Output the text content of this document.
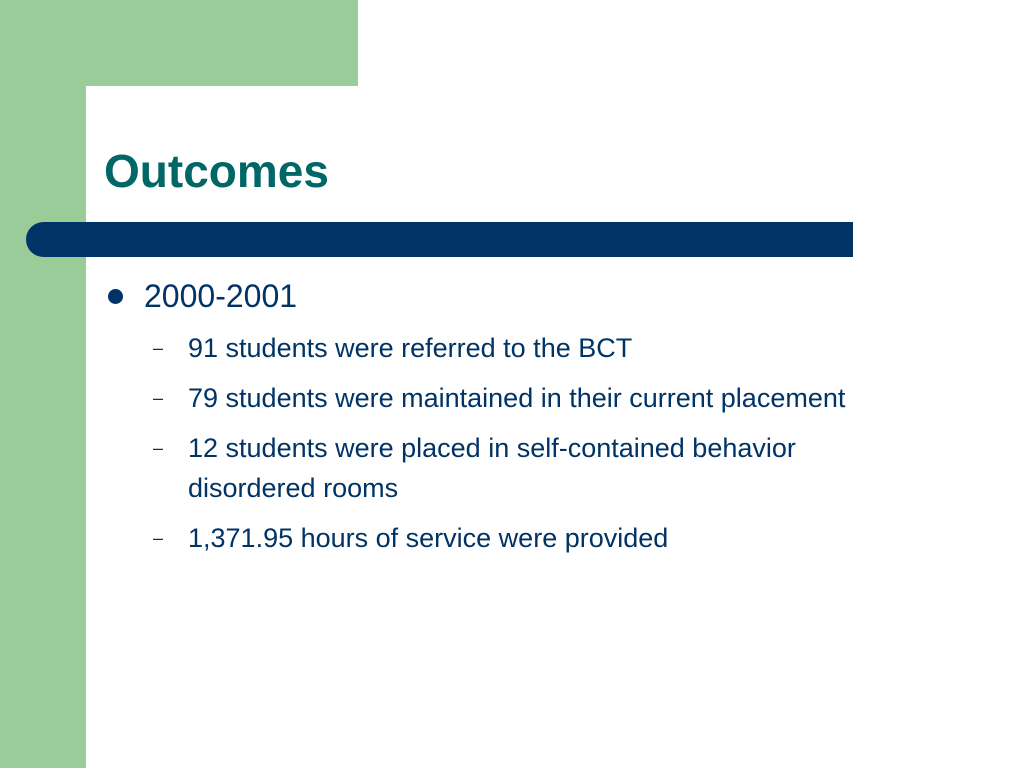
Outcomes
2000-2001
– 91 students were referred to the BCT
– 79 students were maintained in their current placement
– 12 students were placed in self-contained behavior disordered rooms
– 1,371.95 hours of service were provided
